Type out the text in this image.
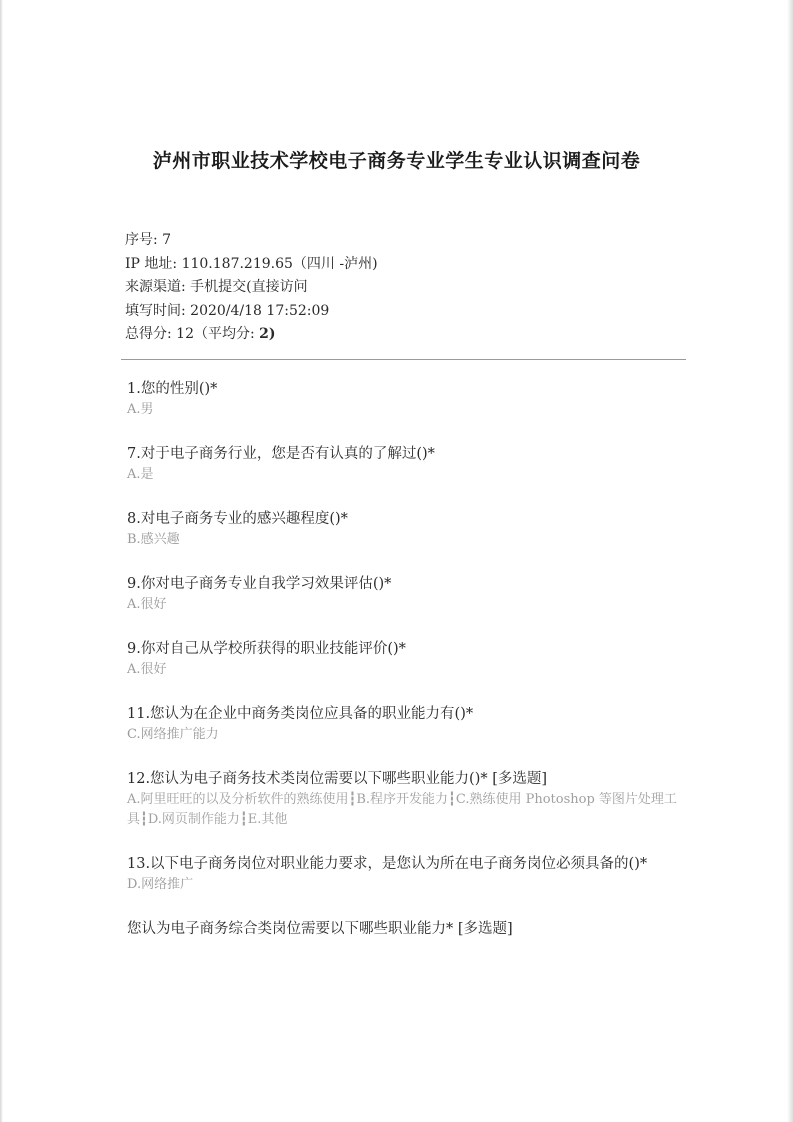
泸州市职业技术学校电子商务专业学生专业认识调查问卷
序号: 7
IP 地址: 110.187.219.65（四川 -泸州)
来源渠道: 手机提交(直接访问
填写时间: 2020/4/18 17:52:09
总得分: 12（平均分: 2)
1.您的性别()*
A.男
7.对于电子商务行业，您是否有认真的了解过()*
A.是
8.对电子商务专业的感兴趣程度()*
B.感兴趣
9.你对电子商务专业自我学习效果评估()*
A.很好
9.你对自己从学校所获得的职业技能评价()*
A.很好
11.您认为在企业中商务类岗位应具备的职业能力有()*
C.网络推广能力
12.您认为电子商务技术类岗位需要以下哪些职业能力()* [多选题]
A.阿里旺旺的以及分析软件的熟练使用┇B.程序开发能力┇C.熟练使用 Photoshop 等图片处理工具┇D.网页制作能力┇E.其他
13.以下电子商务岗位对职业能力要求，是您认为所在电子商务岗位必须具备的()*
D.网络推广
您认为电子商务综合类岗位需要以下哪些职业能力* [多选题]
